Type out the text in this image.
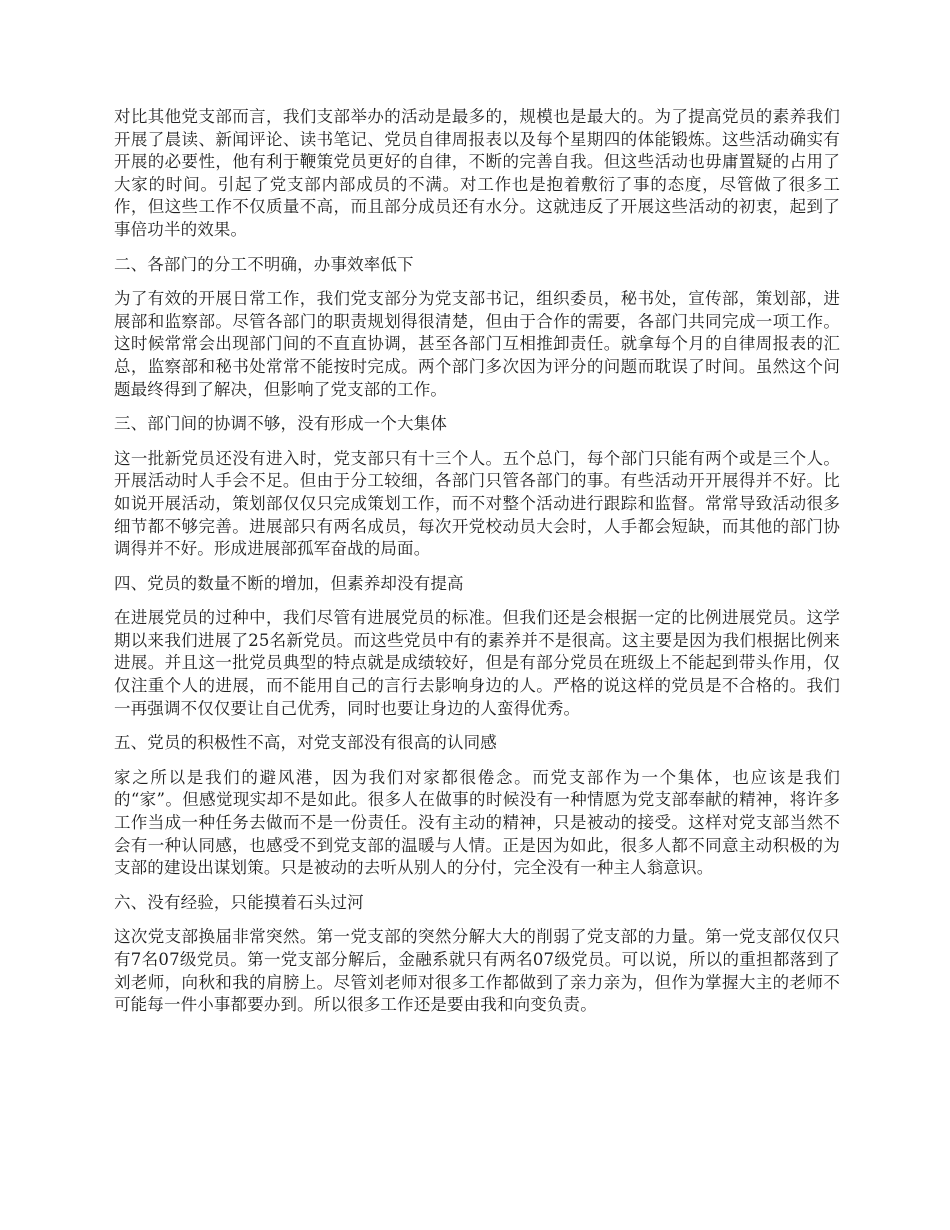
对比其他党支部而言，我们支部举办的活动是最多的，规模也是最大的。为了提高党员的素养我们开展了晨读、新闻评论、读书笔记、党员自律周报表以及每个星期四的体能锻炼。这些活动确实有开展的必要性，他有利于鞭策党员更好的自律，不断的完善自我。但这些活动也毋庸置疑的占用了大家的时间。引起了党支部内部成员的不满。对工作也是抱着敷衍了事的态度，尽管做了很多工作，但这些工作不仅质量不高，而且部分成员还有水分。这就违反了开展这些活动的初衷，起到了事倍功半的效果。

二、各部门的分工不明确，办事效率低下

为了有效的开展日常工作，我们党支部分为党支部书记，组织委员，秘书处，宣传部，策划部，进展部和监察部。尽管各部门的职责规划得很清楚，但由于合作的需要，各部门共同完成一项工作。这时候常常会出现部门间的不直直协调，甚至各部门互相推卸责任。就拿每个月的自律周报表的汇总，监察部和秘书处常常不能按时完成。两个部门多次因为评分的问题而耽误了时间。虽然这个问题最终得到了解决，但影响了党支部的工作。

三、部门间的协调不够，没有形成一个大集体

这一批新党员还没有进入时，党支部只有十三个人。五个总门，每个部门只能有两个或是三个人。开展活动时人手会不足。但由于分工较细，各部门只管各部门的事。有些活动开开展得并不好。比如说开展活动，策划部仅仅只完成策划工作，而不对整个活动进行跟踪和监督。常常导致活动很多细节都不够完善。进展部只有两名成员，每次开党校动员大会时，人手都会短缺，而其他的部门协调得并不好。形成进展部孤军奋战的局面。

四、党员的数量不断的增加，但素养却没有提高

在进展党员的过种中，我们尽管有进展党员的标准。但我们还是会根据一定的比例进展党员。这学期以来我们进展了25名新党员。而这些党员中有的素养并不是很高。这主要是因为我们根据比例来进展。并且这一批党员典型的特点就是成绩较好，但是有部分党员在班级上不能起到带头作用，仅仅注重个人的进展，而不能用自己的言行去影响身边的人。严格的说这样的党员是不合格的。我们一再强调不仅仅要让自己优秀，同时也要让身边的人蛮得优秀。

五、党员的积极性不高，对党支部没有很高的认同感

家之所以是我们的避风港，因为我们对家都很倦念。而党支部作为一个集体，也应该是我们的“家”。但感觉现实却不是如此。很多人在做事的时候没有一种情愿为党支部奉献的精神，将许多工作当成一种任务去做而不是一份责任。没有主动的精神，只是被动的接受。这样对党支部当然不会有一种认同感，也感受不到党支部的温暖与人情。正是因为如此，很多人都不同意主动积极的为支部的建设出谋划策。只是被动的去听从别人的分付，完全没有一种主人翁意识。

六、没有经验，只能摸着石头过河

这次党支部换届非常突然。第一党支部的突然分解大大的削弱了党支部的力量。第一党支部仅仅只有7名07级党员。第一党支部分解后，金融系就只有两名07级党员。可以说，所以的重担都落到了刘老师，向秋和我的肩膀上。尽管刘老师对很多工作都做到了亲力亲为，但作为掌握大主的老师不可能每一件小事都要办到。所以很多工作还是要由我和向变负责。
